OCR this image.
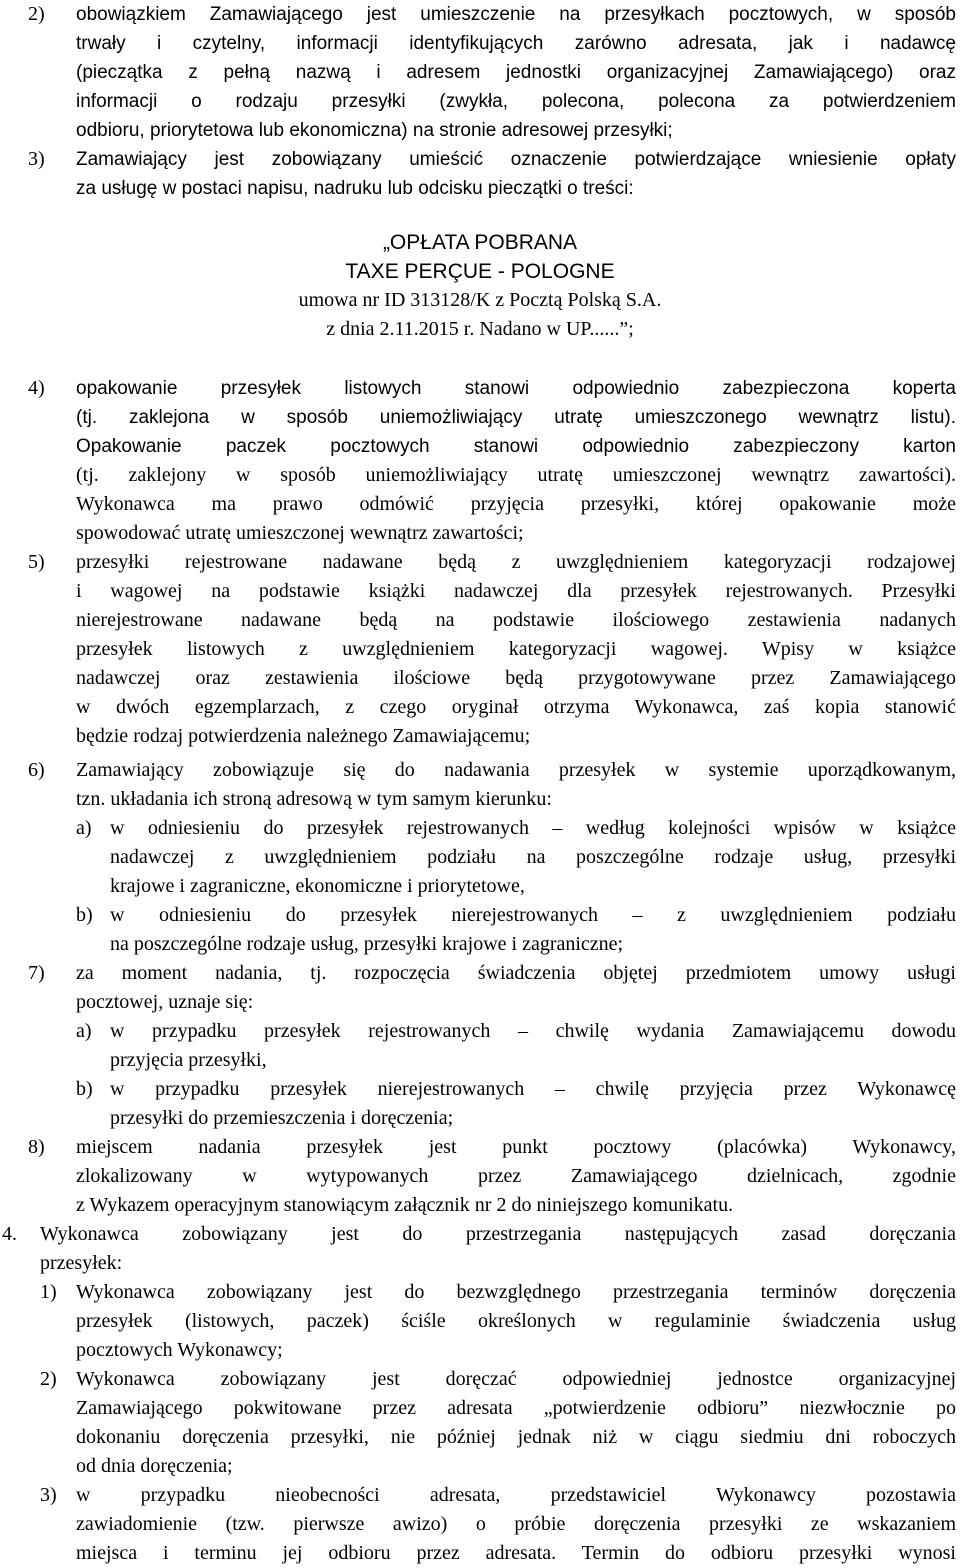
2) obowiązkiem Zamawiającego jest umieszczenie na przesyłkach pocztowych, w sposób
trwały i czytelny, informacji identyfikujących zarówno adresata, jak i nadawcę
(pieczątka z pełną nazwą i adresem jednostki organizacyjnej Zamawiającego) oraz
informacji o rodzaju przesyłki (zwykła, polecona, polecona za potwierdzeniem
odbioru, priorytetowa lub ekonomiczna) na stronie adresowej przesyłki;
3) Zamawiający jest zobowiązany umieścić oznaczenie potwierdzające wniesienie opłaty
za usługę w postaci napisu, nadruku lub odcisku pieczątki o treści:
„OPŁATA POBRANA
TAXE PERÇUE - POLOGNE
umowa nr ID 313128/K z Pocztą Polską S.A.
z dnia 2.11.2015 r. Nadano w UP......”;
4) opakowanie przesyłek listowych stanowi odpowiednio zabezpieczona koperta
(tj. zaklejona w sposób uniemożliwiający utratę umieszczonego wewnątrz listu).
Opakowanie paczek pocztowych stanowi odpowiednio zabezpieczony karton
(tj. zaklejony w sposób uniemożliwiający utratę umieszczonej wewnątrz zawartości).
Wykonawca ma prawo odmówić przyjęcia przesyłki, której opakowanie może
spowodować utratę umieszczonej wewnątrz zawartości;
5) przesyłki rejestrowane nadawane będą z uwzględnieniem kategoryzacji rodzajowej
i wagowej na podstawie książki nadawczej dla przesyłek rejestrowanych. Przesyłki
nierejestrowane nadawane będą na podstawie ilościowego zestawienia nadanych
przesyłek listowych z uwzględnieniem kategoryzacji wagowej. Wpisy w książce
nadawczej oraz zestawienia ilościowe będą przygotowywane przez Zamawiającego
w dwóch egzemplarzach, z czego oryginał otrzyma Wykonawca, zaś kopia stanowić
będzie rodzaj potwierdzenia należnego Zamawiającemu;
6) Zamawiający zobowiązuje się do nadawania przesyłek w systemie uporządkowanym,
tzn. układania ich stroną adresową w tym samym kierunku:
a) w odniesieniu do przesyłek rejestrowanych – według kolejności wpisów w książce
nadawczej z uwzględnieniem podziału na poszczególne rodzaje usług, przesyłki
krajowe i zagraniczne, ekonomiczne i priorytetowe,
b) w odniesieniu do przesyłek nierejestrowanych – z uwzględnieniem podziału
na poszczególne rodzaje usług, przesyłki krajowe i zagraniczne;
7) za moment nadania, tj. rozpoczęcia świadczenia objętej przedmiotem umowy usługi
pocztowej, uznaje się:
a) w przypadku przesyłek rejestrowanych – chwilę wydania Zamawiającemu dowodu
przyjęcia przesyłki,
b) w przypadku przesyłek nierejestrowanych – chwilę przyjęcia przez Wykonawcę
przesyłki do przemieszczenia i doręczenia;
8) miejscem nadania przesyłek jest punkt pocztowy (placówka) Wykonawcy,
zlokalizowany w wytypowanych przez Zamawiającego dzielnicach, zgodnie
z Wykazem operacyjnym stanowiącym załącznik nr 2 do niniejszego komunikatu.
4. Wykonawca zobowiązany jest do przestrzegania następujących zasad doręczania
przesyłek:
1) Wykonawca zobowiązany jest do bezwzględnego przestrzegania terminów doręczenia
przesyłek (listowych, paczek) ściśle określonych w regulaminie świadczenia usług
pocztowych Wykonawcy;
2) Wykonawca zobowiązany jest doręczać odpowiedniej jednostce organizacyjnej
Zamawiającego pokwitowane przez adresata „potwierdzenie odbioru” niezwłocznie po
dokonaniu doręczenia przesyłki, nie później jednak niż w ciągu siedmiu dni roboczych
od dnia doręczenia;
3) w przypadku nieobecności adresata, przedstawiciel Wykonawcy pozostawia
zawiadomienie (tzw. pierwsze awizo) o próbie doręczenia przesyłki ze wskazaniem
miejsca i terminu jej odbioru przez adresata. Termin do odbioru przesyłki wynosi
